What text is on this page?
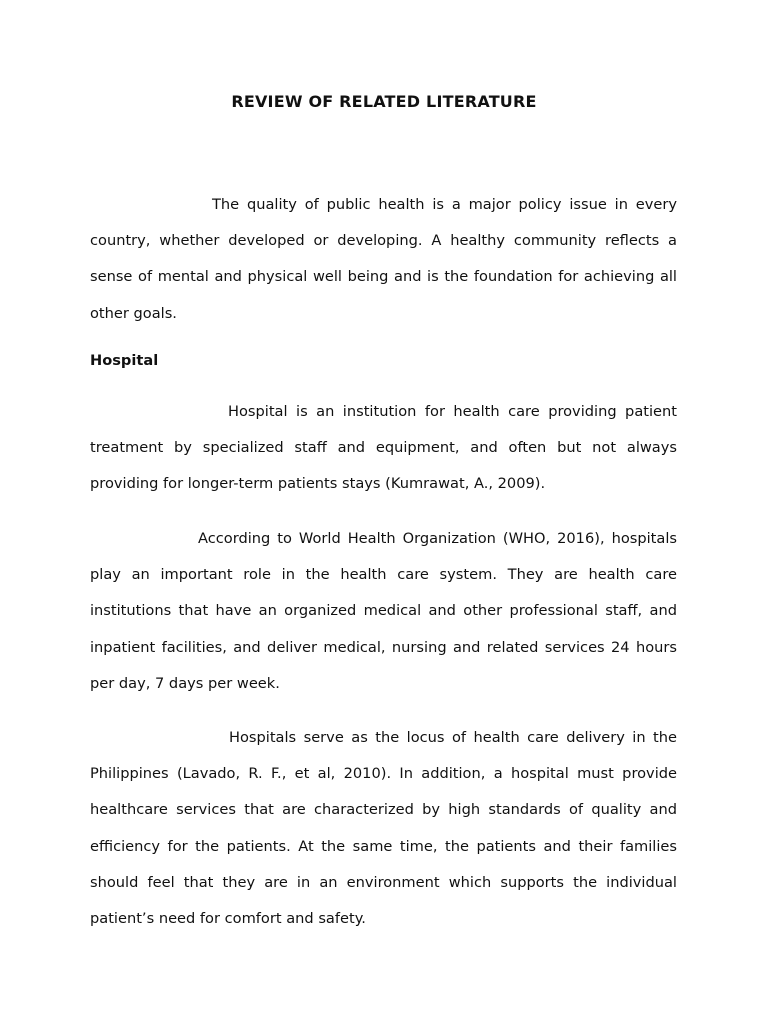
REVIEW OF RELATED LITERATURE

The quality of public health is a major policy issue in every country, whether developed or developing. A healthy community reflects a sense of mental and physical well being and is the foundation for achieving all other goals.

Hospital

Hospital is an institution for health care providing patient treatment by specialized staff and equipment, and often but not always providing for longer-term patients stays (Kumrawat, A., 2009).

According to World Health Organization (WHO, 2016), hospitals play an important role in the health care system. They are health care institutions that have an organized medical and other professional staff, and inpatient facilities, and deliver medical, nursing and related services 24 hours per day, 7 days per week.

Hospitals serve as the locus of health care delivery in the Philippines (Lavado, R. F., et al, 2010). In addition, a hospital must provide healthcare services that are characterized by high standards of quality and efficiency for the patients. At the same time, the patients and their families should feel that they are in an environment which supports the individual patient’s need for comfort and safety.
